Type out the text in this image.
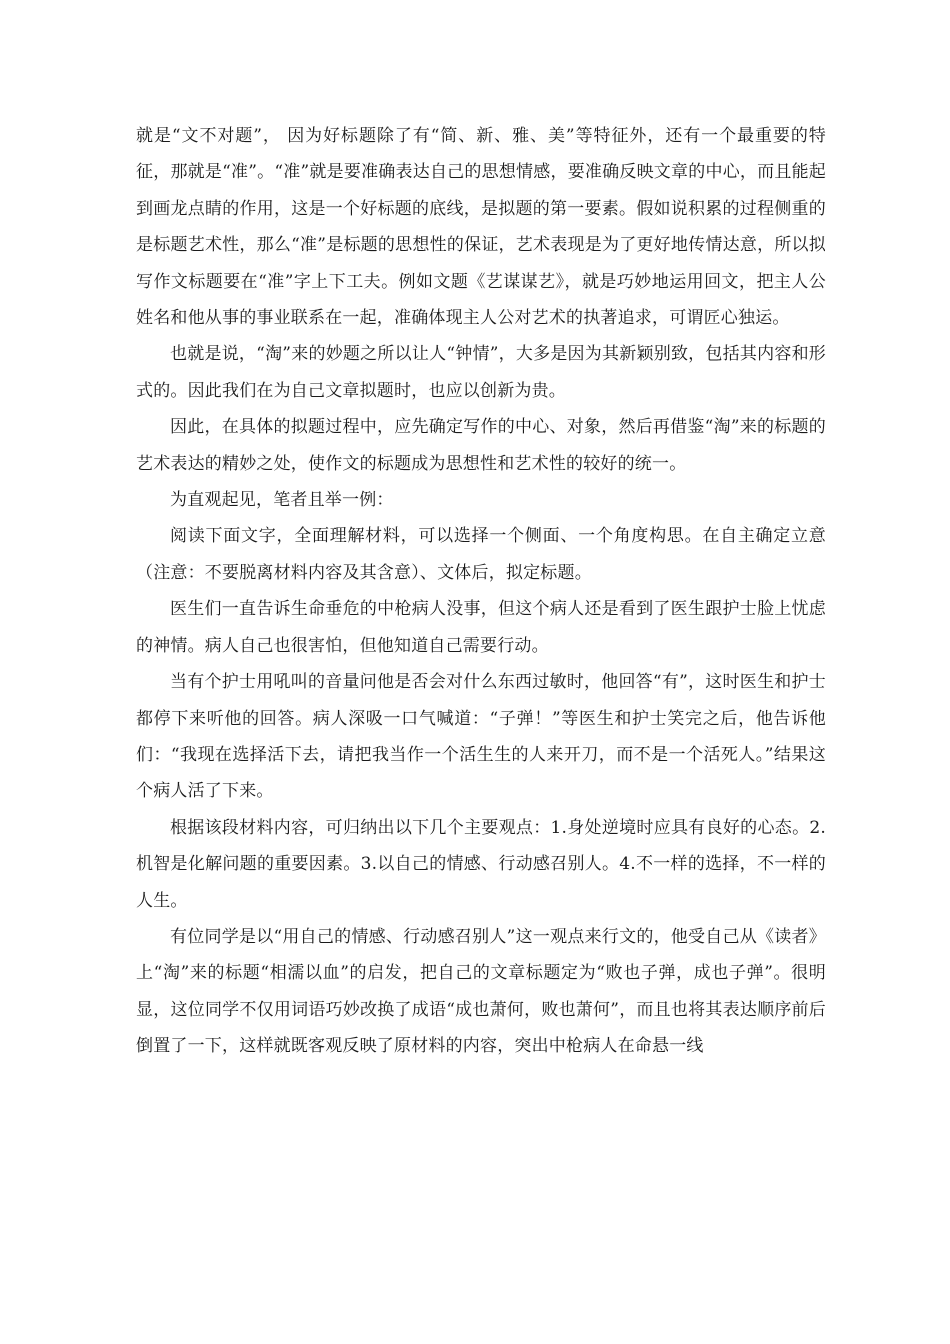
就是“文不对题”， 因为好标题除了有“简、新、雅、美”等特征外，还有一个最重要的特征，那就是“准”。“准”就是要准确表达自己的思想情感，要准确反映文章的中心，而且能起到画龙点睛的作用，这是一个好标题的底线，是拟题的第一要素。假如说积累的过程侧重的是标题艺术性，那么“准”是标题的思想性的保证，艺术表现是为了更好地传情达意，所以拟写作文标题要在“准”字上下工夫。例如文题《艺谋谋艺》，就是巧妙地运用回文，把主人公姓名和他从事的事业联系在一起，准确体现主人公对艺术的执著追求，可谓匠心独运。

也就是说，“淘”来的妙题之所以让人“钟情”，大多是因为其新颖别致，包括其内容和形式的。因此我们在为自己文章拟题时，也应以创新为贵。

因此，在具体的拟题过程中，应先确定写作的中心、对象，然后再借鉴“淘”来的标题的艺术表达的精妙之处，使作文的标题成为思想性和艺术性的较好的统一。

为直观起见，笔者且举一例：

阅读下面文字，全面理解材料，可以选择一个侧面、一个角度构思。在自主确定立意（注意：不要脱离材料内容及其含意）、文体后，拟定标题。

医生们一直告诉生命垂危的中枪病人没事，但这个病人还是看到了医生跟护士脸上忧虑的神情。病人自己也很害怕，但他知道自己需要行动。

当有个护士用吼叫的音量问他是否会对什么东西过敏时，他回答“有”，这时医生和护士都停下来听他的回答。病人深吸一口气喊道：“子弹！”等医生和护士笑完之后，他告诉他们：“我现在选择活下去，请把我当作一个活生生的人来开刀，而不是一个活死人。”结果这个病人活了下来。

根据该段材料内容，可归纳出以下几个主要观点：1.身处逆境时应具有良好的心态。2.机智是化解问题的重要因素。3.以自己的情感、行动感召别人。4.不一样的选择，不一样的人生。

有位同学是以“用自己的情感、行动感召别人”这一观点来行文的，他受自己从《读者》上“淘”来的标题“相濡以血”的启发，把自己的文章标题定为“败也子弹，成也子弹”。很明显，这位同学不仅用词语巧妙改换了成语“成也萧何，败也萧何”，而且也将其表达顺序前后倒置了一下，这样就既客观反映了原材料的内容，突出中枪病人在命悬一线
